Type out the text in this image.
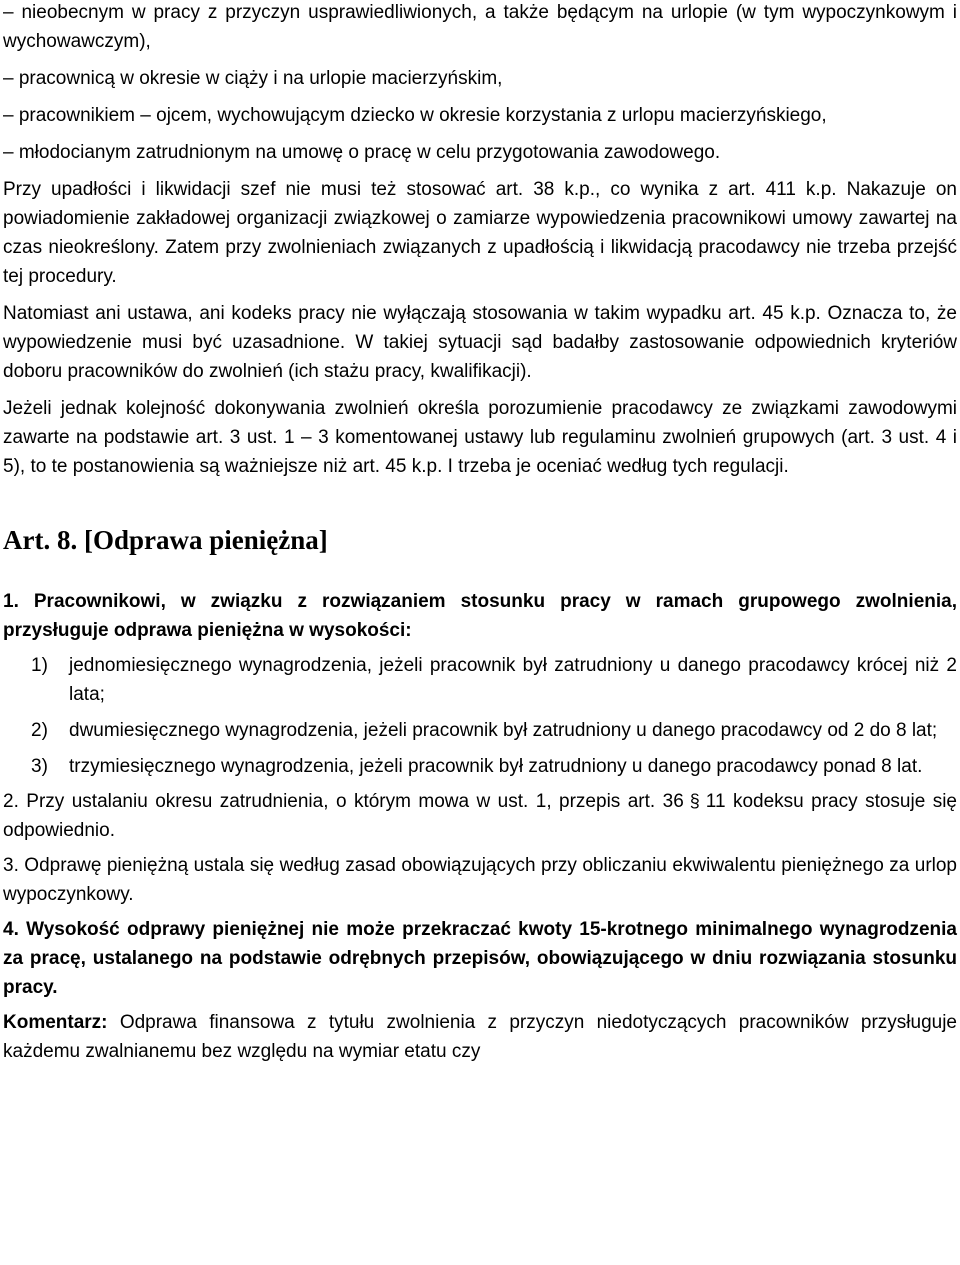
– nieobecnym w pracy z przyczyn usprawiedliwionych, a także będącym na urlopie (w tym wypoczynkowym i wychowawczym),

– pracownicą w okresie w ciąży i na urlopie macierzyńskim,

– pracownikiem – ojcem, wychowującym dziecko w okresie korzystania z urlopu macierzyńskiego,

– młodocianym zatrudnionym na umowę o pracę w celu przygotowania zawodowego.

Przy upadłości i likwidacji szef nie musi też stosować art. 38 k.p., co wynika z art. 411 k.p. Nakazuje on powiadomienie zakładowej organizacji związkowej o zamiarze wypowiedzenia pracownikowi umowy zawartej na czas nieokreślony. Zatem przy zwolnieniach związanych z upadłością i likwidacją pracodawcy nie trzeba przejść tej procedury.

Natomiast ani ustawa, ani kodeks pracy nie wyłączają stosowania w takim wypadku art. 45 k.p. Oznacza to, że wypowiedzenie musi być uzasadnione. W takiej sytuacji sąd badałby zastosowanie odpowiednich kryteriów doboru pracowników do zwolnień (ich stażu pracy, kwalifikacji).

Jeżeli jednak kolejność dokonywania zwolnień określa porozumienie pracodawcy ze związkami zawodowymi zawarte na podstawie art. 3 ust. 1 – 3 komentowanej ustawy lub regulaminu zwolnień grupowych (art. 3 ust. 4 i 5), to te postanowienia są ważniejsze niż art. 45 k.p. I trzeba je oceniać według tych regulacji.

Art. 8. [Odprawa pieniężna]

1. Pracownikowi, w związku z rozwiązaniem stosunku pracy w ramach grupowego zwolnienia, przysługuje odprawa pieniężna w wysokości:

1)	jednomiesięcznego wynagrodzenia, jeżeli pracownik był zatrudniony u danego pracodawcy krócej niż 2 lata;
2)	dwumiesięcznego wynagrodzenia, jeżeli pracownik był zatrudniony u danego pracodawcy od 2 do 8 lat;
3)	trzymiesięcznego wynagrodzenia, jeżeli pracownik był zatrudniony u danego pracodawcy ponad 8 lat.

2. Przy ustalaniu okresu zatrudnienia, o którym mowa w ust. 1, przepis art. 36 § 11 kodeksu pracy stosuje się odpowiednio.

3. Odprawę pieniężną ustala się według zasad obowiązujących przy obliczaniu ekwiwalentu pieniężnego za urlop wypoczynkowy.

4. Wysokość odprawy pieniężnej nie może przekraczać kwoty 15-krotnego minimalnego wynagrodzenia za pracę, ustalanego na podstawie odrębnych przepisów, obowiązującego w dniu rozwiązania stosunku pracy.

Komentarz: Odprawa finansowa z tytułu zwolnienia z przyczyn niedotyczących pracowników przysługuje każdemu zwalnianemu bez względu na wymiar etatu czy
